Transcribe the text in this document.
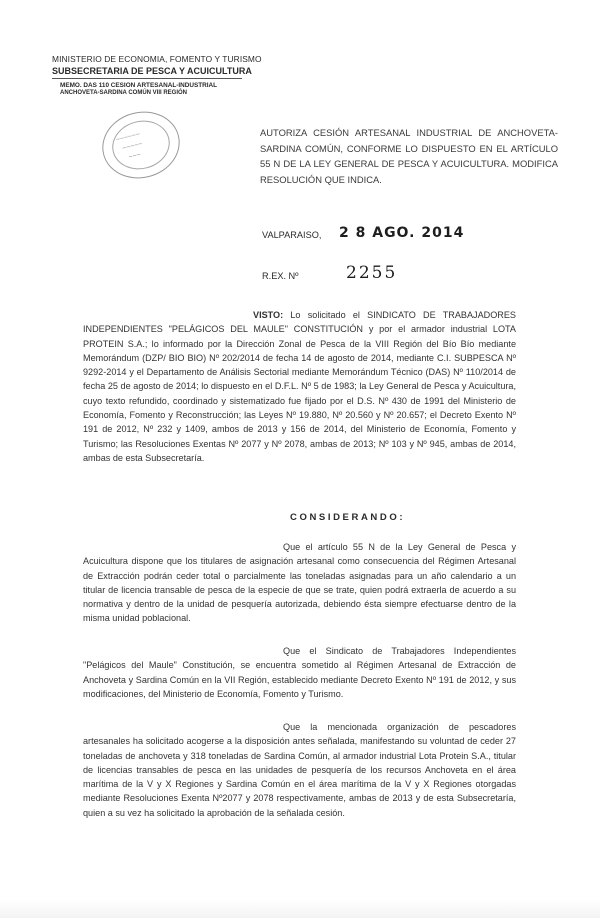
MINISTERIO DE ECONOMIA, FOMENTO Y TURISMO
SUBSECRETARIA DE PESCA Y ACUICULTURA
MEMO. DAS 110 CESION ARTESANAL-INDUSTRIAL
ANCHOVETA-SARDINA COMÚN VIII REGIÓN
~~~~~~
~~~~~
~~~
AUTORIZA CESIÓN ARTESANAL INDUSTRIAL DE ANCHOVETA-SARDINA COMÚN, CONFORME LO DISPUESTO EN EL ARTÍCULO 55 N DE LA LEY GENERAL DE PESCA Y ACUICULTURA. MODIFICA RESOLUCIÓN QUE INDICA.
VALPARAISO, 2 8 AGO. 2014
R.EX. Nº	2255
VISTO: Lo solicitado el SINDICATO DE TRABAJADORES INDEPENDIENTES "PELÁGICOS DEL MAULE" CONSTITUCIÓN y por el armador industrial LOTA PROTEIN S.A.; lo informado por la Dirección Zonal de Pesca de la VIII Región del Bío Bío mediante Memorándum (DZP/ BIO BIO) Nº 202/2014 de fecha 14 de agosto de 2014, mediante C.I. SUBPESCA Nº 9292-2014 y el Departamento de Análisis Sectorial mediante Memorándum Técnico (DAS) Nº 110/2014 de fecha 25 de agosto de 2014; lo dispuesto en el D.F.L. Nº 5 de 1983; la Ley General de Pesca y Acuicultura, cuyo texto refundido, coordinado y sistematizado fue fijado por el D.S. Nº 430 de 1991 del Ministerio de Economía, Fomento y Reconstrucción; las Leyes Nº 19.880, Nº 20.560 y Nº 20.657; el Decreto Exento Nº 191 de 2012, Nº 232 y 1409, ambos de 2013 y 156 de 2014, del Ministerio de Economía, Fomento y Turismo; las Resoluciones Exentas Nº 2077 y Nº 2078, ambas de 2013; Nº 103 y Nº 945, ambas de 2014, ambas de esta Subsecretaría.
CONSIDERANDO:
Que el artículo 55 N de la Ley General de Pesca y Acuicultura dispone que los titulares de asignación artesanal como consecuencia del Régimen Artesanal de Extracción podrán ceder total o parcialmente las toneladas asignadas para un año calendario a un titular de licencia transable de pesca de la especie de que se trate, quien podrá extraerla de acuerdo a su normativa y dentro de la unidad de pesquería autorizada, debiendo ésta siempre efectuarse dentro de la misma unidad poblacional.
Que el Sindicato de Trabajadores Independientes "Pelágicos del Maule" Constitución, se encuentra sometido al Régimen Artesanal de Extracción de Anchoveta y Sardina Común en la VII Región, establecido mediante Decreto Exento Nº 191 de 2012, y sus modificaciones, del Ministerio de Economía, Fomento y Turismo.
Que la mencionada organización de pescadores artesanales ha solicitado acogerse a la disposición antes señalada, manifestando su voluntad de ceder 27 toneladas de anchoveta y 318 toneladas de Sardina Común, al armador industrial Lota Protein S.A., titular de licencias transables de pesca en las unidades de pesquería de los recursos Anchoveta en el área marítima de la V y X Regiones y Sardina Común en el área marítima de la V y X Regiones otorgadas mediante Resoluciones Exenta Nº2077 y 2078 respectivamente, ambas de 2013 y de esta Subsecretaría, quien a su vez ha solicitado la aprobación de la señalada cesión.
